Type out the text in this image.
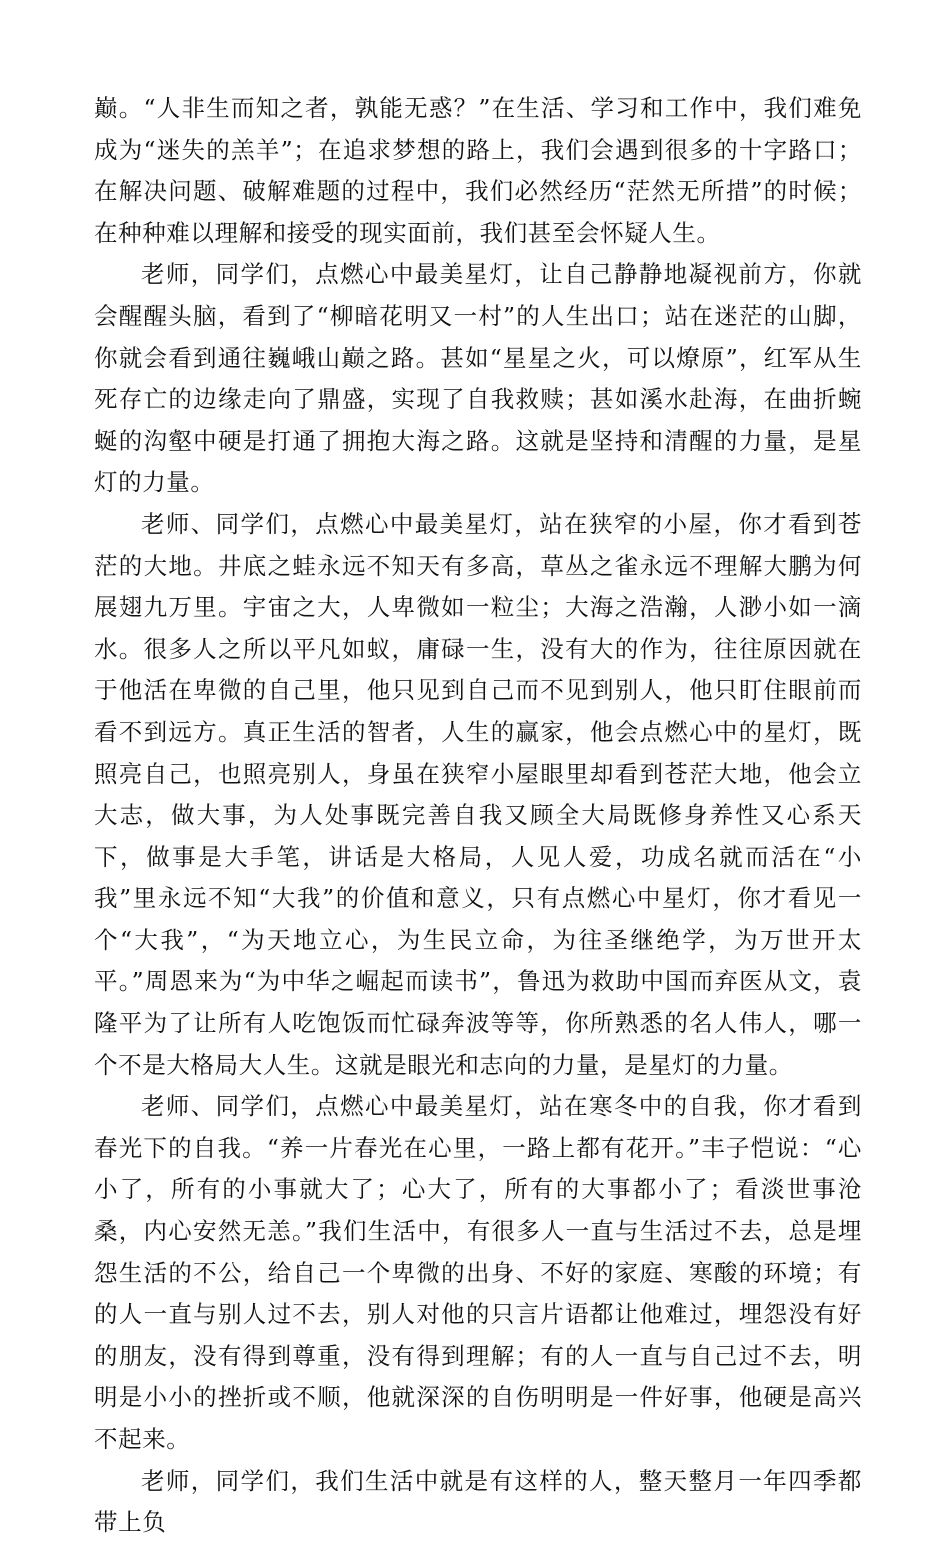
巅。“人非生而知之者，孰能无惑？”在生活、学习和工作中，我们难免成为“迷失的羔羊”；在追求梦想的路上，我们会遇到很多的十字路口；在解决问题、破解难题的过程中，我们必然经历“茫然无所措”的时候；在种种难以理解和接受的现实面前，我们甚至会怀疑人生。

老师，同学们，点燃心中最美星灯，让自己静静地凝视前方，你就会醒醒头脑，看到了“柳暗花明又一村”的人生出口；站在迷茫的山脚，你就会看到通往巍峨山巅之路。甚如“星星之火，可以燎原”，红军从生死存亡的边缘走向了鼎盛，实现了自我救赎；甚如溪水赴海，在曲折蜿蜒的沟壑中硬是打通了拥抱大海之路。这就是坚持和清醒的力量，是星灯的力量。

老师、同学们，点燃心中最美星灯，站在狭窄的小屋，你才看到苍茫的大地。井底之蛙永远不知天有多高，草丛之雀永远不理解大鹏为何展翅九万里。宇宙之大，人卑微如一粒尘；大海之浩瀚，人渺小如一滴水。很多人之所以平凡如蚁，庸碌一生，没有大的作为，往往原因就在于他活在卑微的自己里，他只见到自己而不见到别人，他只盯住眼前而看不到远方。真正生活的智者，人生的赢家，他会点燃心中的星灯，既照亮自己，也照亮别人，身虽在狭窄小屋眼里却看到苍茫大地，他会立大志，做大事，为人处事既完善自我又顾全大局既修身养性又心系天下，做事是大手笔，讲话是大格局，人见人爱，功成名就而活在“小我”里永远不知“大我”的价值和意义，只有点燃心中星灯，你才看见一个“大我”，“为天地立心，为生民立命，为往圣继绝学，为万世开太平。”周恩来为“为中华之崛起而读书”，鲁迅为救助中国而弃医从文，袁隆平为了让所有人吃饱饭而忙碌奔波等等，你所熟悉的名人伟人，哪一个不是大格局大人生。这就是眼光和志向的力量，是星灯的力量。

老师、同学们，点燃心中最美星灯，站在寒冬中的自我，你才看到春光下的自我。“养一片春光在心里，一路上都有花开。”丰子恺说：“心小了，所有的小事就大了；心大了，所有的大事都小了；看淡世事沧桑，内心安然无恙。”我们生活中，有很多人一直与生活过不去，总是埋怨生活的不公，给自己一个卑微的出身、不好的家庭、寒酸的环境；有的人一直与别人过不去，别人对他的只言片语都让他难过，埋怨没有好的朋友，没有得到尊重，没有得到理解；有的人一直与自己过不去，明明是小小的挫折或不顺，他就深深的自伤明明是一件好事，他硬是高兴不起来。

老师，同学们，我们生活中就是有这样的人，整天整月一年四季都带上负
